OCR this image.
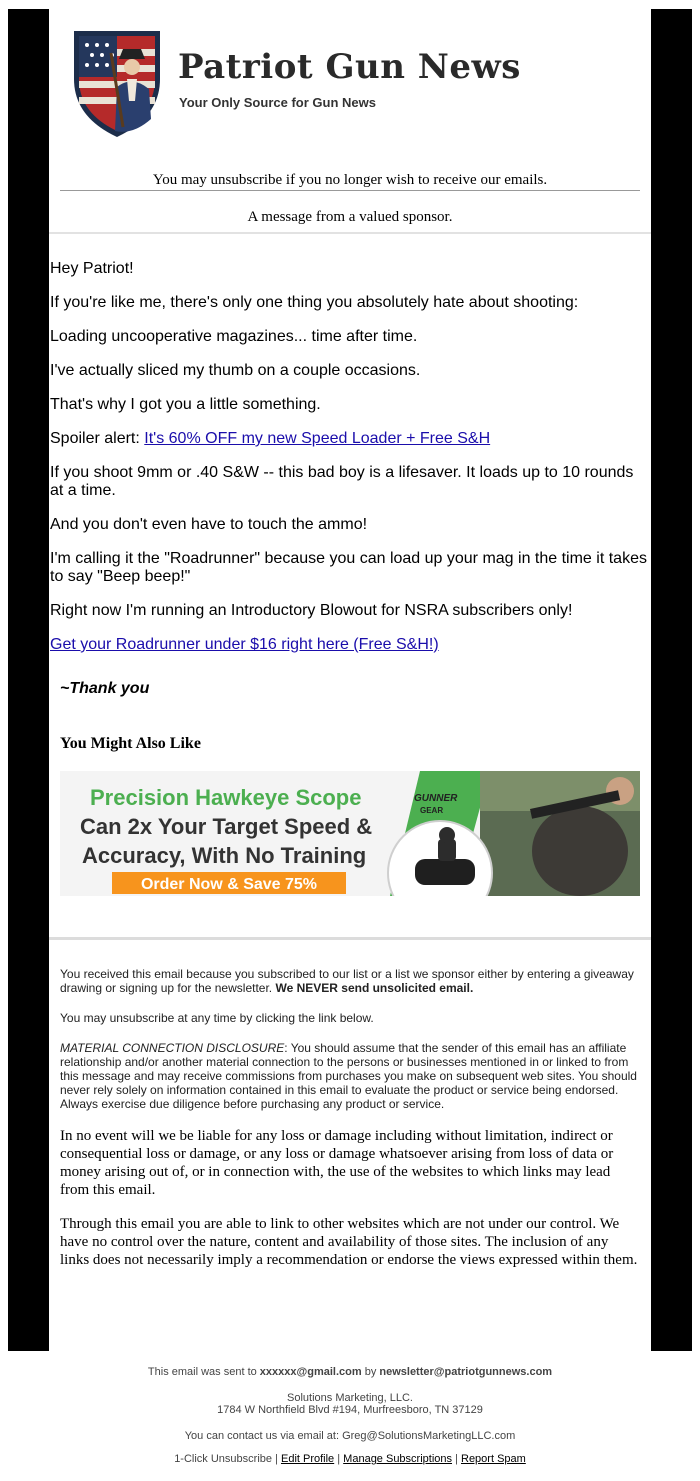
Patriot Gun News
Your Only Source for Gun News
You may unsubscribe if you no longer wish to receive our emails.
A message from a valued sponsor.

Hey Patriot!

If you're like me, there's only one thing you absolutely hate about shooting:

Loading uncooperative magazines... time after time.

I've actually sliced my thumb on a couple occasions.

That's why I got you a little something.

Spoiler alert: It's 60% OFF my new Speed Loader + Free S&H

If you shoot 9mm or .40 S&W -- this bad boy is a lifesaver. It loads up to 10 rounds at a time.

And you don't even have to touch the ammo!

I'm calling it the "Roadrunner" because you can load up your mag in the time it takes to say "Beep beep!"

Right now I'm running an Introductory Blowout for NSRA subscribers only!

Get your Roadrunner under $16 right here (Free S&H!)

~Thank you
You Might Also Like
Precision Hawkeye Scope
Can 2x Your Target Speed &
Accuracy, With No Training
Order Now & Save 75%
GUNNER
GEAR

You received this email because you subscribed to our list or a list we sponsor either by entering a giveaway drawing or signing up for the newsletter. We NEVER send unsolicited email.

You may unsubscribe at any time by clicking the link below.

MATERIAL CONNECTION DISCLOSURE: You should assume that the sender of this email has an affiliate relationship and/or another material connection to the persons or businesses mentioned in or linked to from this message and may receive commissions from purchases you make on subsequent web sites. You should never rely solely on information contained in this email to evaluate the product or service being endorsed. Always exercise due diligence before purchasing any product or service.

In no event will we be liable for any loss or damage including without limitation, indirect or consequential loss or damage, or any loss or damage whatsoever arising from loss of data or money arising out of, or in connection with, the use of the websites to which links may lead from this email.

Through this email you are able to link to other websites which are not under our control. We have no control over the nature, content and availability of those sites. The inclusion of any links does not necessarily imply a recommendation or endorse the views expressed within them.

This email was sent to xxxxxx@gmail.com by newsletter@patriotgunnews.com
Solutions Marketing, LLC.
1784 W Northfield Blvd #194, Murfreesboro, TN 37129
You can contact us via email at: Greg@SolutionsMarketingLLC.com
1-Click Unsubscribe | Edit Profile | Manage Subscriptions | Report Spam
